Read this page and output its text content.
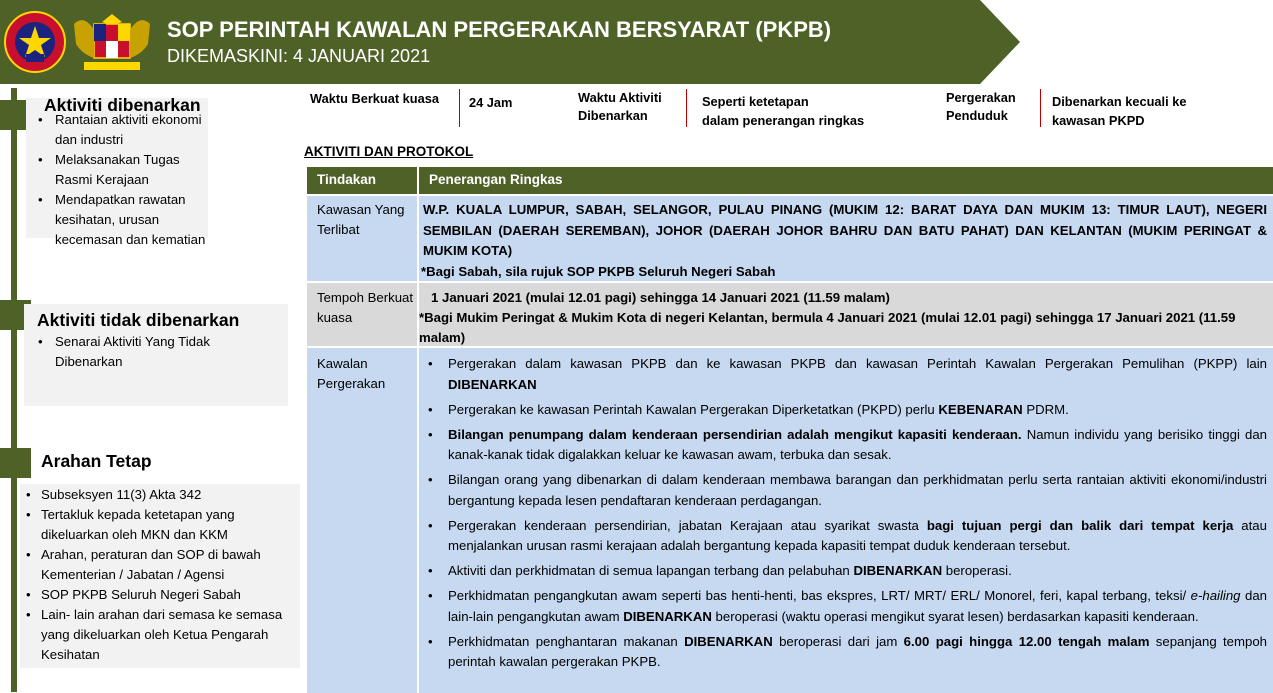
SOP PERINTAH KAWALAN PERGERAKAN BERSYARAT (PKPB)
DIKEMASKINI: 4 JANUARI 2021
Aktiviti dibenarkan
• Rantaian aktiviti ekonomi dan industri
• Melaksanakan Tugas Rasmi Kerajaan
• Mendapatkan rawatan kesihatan, urusan kecemasan dan kematian
Aktiviti tidak dibenarkan
• Senarai Aktiviti Yang Tidak Dibenarkan
Arahan Tetap
• Subseksyen 11(3) Akta 342
• Tertakluk kepada ketetapan yang dikeluarkan oleh MKN dan KKM
• Arahan, peraturan dan SOP di bawah Kementerian / Jabatan / Agensi
• SOP PKPB Seluruh Negeri Sabah
• Lain- lain arahan dari semasa ke semasa yang dikeluarkan oleh Ketua Pengarah Kesihatan
Waktu Berkuat kuasa 24 Jam	Waktu Aktiviti
Dibenarkan
Seperti ketetapan
dalam penerangan ringkas
Pergerakan
Penduduk
Dibenarkan kecuali ke
kawasan PKPD
AKTIVITI DAN PROTOKOL
Tindakan	Penerangan Ringkas
Kawasan Yang Terlibat
W.P. KUALA LUMPUR, SABAH, SELANGOR, PULAU PINANG (MUKIM 12: BARAT DAYA DAN MUKIM 13: TIMUR LAUT), NEGERI SEMBILAN (DAERAH SEREMBAN), JOHOR (DAERAH JOHOR BAHRU DAN BATU PAHAT) DAN KELANTAN (MUKIM PERINGAT & MUKIM KOTA)
*Bagi Sabah, sila rujuk SOP PKPB Seluruh Negeri Sabah
Tempoh Berkuat kuasa
1 Januari 2021 (mulai 12.01 pagi) sehingga 14 Januari 2021 (11.59 malam)
*Bagi Mukim Peringat & Mukim Kota di negeri Kelantan, bermula 4 Januari 2021 (mulai 12.01 pagi) sehingga 17 Januari 2021 (11.59 malam)
Kawalan Pergerakan
• Pergerakan dalam kawasan PKPB dan ke kawasan PKPB dan kawasan Perintah Kawalan Pergerakan Pemulihan (PKPP) lain DIBENARKAN
• Pergerakan ke kawasan Perintah Kawalan Pergerakan Diperketatkan (PKPD) perlu KEBENARAN PDRM.
• Bilangan penumpang dalam kenderaan persendirian adalah mengikut kapasiti kenderaan. Namun individu yang berisiko tinggi dan kanak-kanak tidak digalakkan keluar ke kawasan awam, terbuka dan sesak.
• Bilangan orang yang dibenarkan di dalam kenderaan membawa barangan dan perkhidmatan perlu serta rantaian aktiviti ekonomi/industri bergantung kepada lesen pendaftaran kenderaan perdagangan.
• Pergerakan kenderaan persendirian, jabatan Kerajaan atau syarikat swasta bagi tujuan pergi dan balik dari tempat kerja atau menjalankan urusan rasmi kerajaan adalah bergantung kepada kapasiti tempat duduk kenderaan tersebut.
• Aktiviti dan perkhidmatan di semua lapangan terbang dan pelabuhan DIBENARKAN beroperasi.
• Perkhidmatan pengangkutan awam seperti bas henti-henti, bas ekspres, LRT/ MRT/ ERL/ Monorel, feri, kapal terbang, teksi/ e-hailing dan lain-lain pengangkutan awam DIBENARKAN beroperasi (waktu operasi mengikut syarat lesen) berdasarkan kapasiti kenderaan.
• Perkhidmatan penghantaran makanan DIBENARKAN beroperasi dari jam 6.00 pagi hingga 12.00 tengah malam sepanjang tempoh perintah kawalan pergerakan PKPB.
